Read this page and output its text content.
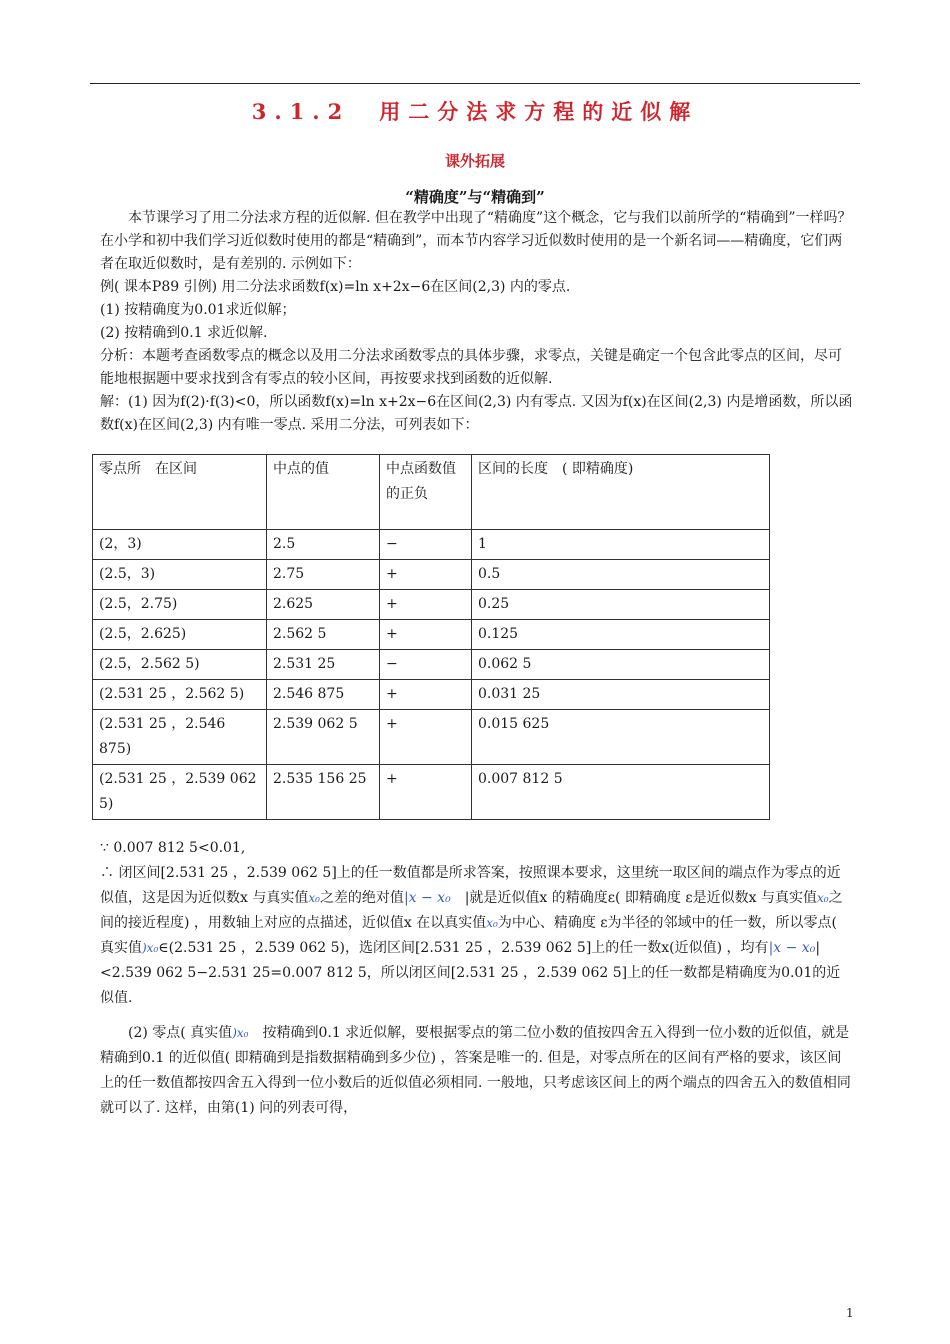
3.1.2　用二分法求方程的近似解
课外拓展
“精确度”与“精确到”

本节课学习了用二分法求方程的近似解. 但在教学中出现了“精确度”这个概念，它与我们以前所学的“精确到”一样吗？在小学和初中我们学习近似数时使用的都是“精确到”，而本节内容学习近似数时使用的是一个新名词——精确度，它们两者在取近似数时，是有差别的. 示例如下：

例( 课本P89 引例) 用二分法求函数f(x)=ln x+2x−6在区间(2,3) 内的零点.

(1) 按精确度为0.01求近似解；

(2) 按精确到0.1 求近似解.

分析：本题考查函数零点的概念以及用二分法求函数零点的具体步骤，求零点，关键是确定一个包含此零点的区间，尽可能地根据题中要求找到含有零点的较小区间，再按要求找到函数的近似解.

解：(1) 因为f(2)·f(3)<0，所以函数f(x)=ln x+2x−6在区间(2,3) 内有零点. 又因为f(x)在区间(2,3) 内是增函数，所以函数f(x)在区间(2,3) 内有唯一零点. 采用二分法，可列表如下：

零点所　在区间	中点的值	中点函数值的正负	区间的长度　( 即精确度)
(2，3)	2.5	−	1
(2.5，3)	2.75	+	0.5
(2.5，2.75)	2.625	+	0.25
(2.5，2.625)	2.562 5	+	0.125
(2.5，2.562 5)	2.531 25	−	0.062 5
(2.531 25 ，2.562 5)	2.546 875	+	0.031 25
(2.531 25 ，2.546 875)	2.539 062 5	+	0.015 625
(2.531 25 ，2.539 062 5)	2.535 156 25	+	0.007 812 5

∵ 0.007 812 5<0.01,

∴ 闭区间[2.531 25 ，2.539 062 5]上的任一数值都是所求答案，按照课本要求，这里统一取区间的端点作为零点的近似值，这是因为近似数x 与真实值x₀之差的绝对值|x − x₀　 |就是近似值x 的精确度ε( 即精确度 ε是近似数x 与真实值x₀之间的接近程度) ，用数轴上对应的点描述，近似值x 在以真实值x₀为中心、精确度 ε为半径的邻域中的任一数，所以零点( 真实值)x₀∈(2.531 25 ，2.539 062 5)，选闭区间[2.531 25 ，2.539 062 5]上的任一数x(近似值) ，均有|x − x₀|<2.539 062 5−2.531 25=0.007 812 5，所以闭区间[2.531 25 ，2.539 062 5]上的任一数都是精确度为0.01的近似值.

(2) 零点( 真实值)x₀　 按精确到0.1 求近似解，要根据零点的第二位小数的值按四舍五入得到一位小数的近似值，就是精确到0.1 的近似值( 即精确到是指数据精确到多少位) ，答案是唯一的. 但是，对零点所在的区间有严格的要求，该区间上的任一数值都按四舍五入得到一位小数后的近似值必须相同. 一般地，只考虑该区间上的两个端点的四舍五入的数值相同就可以了. 这样，由第(1) 问的列表可得，

1
